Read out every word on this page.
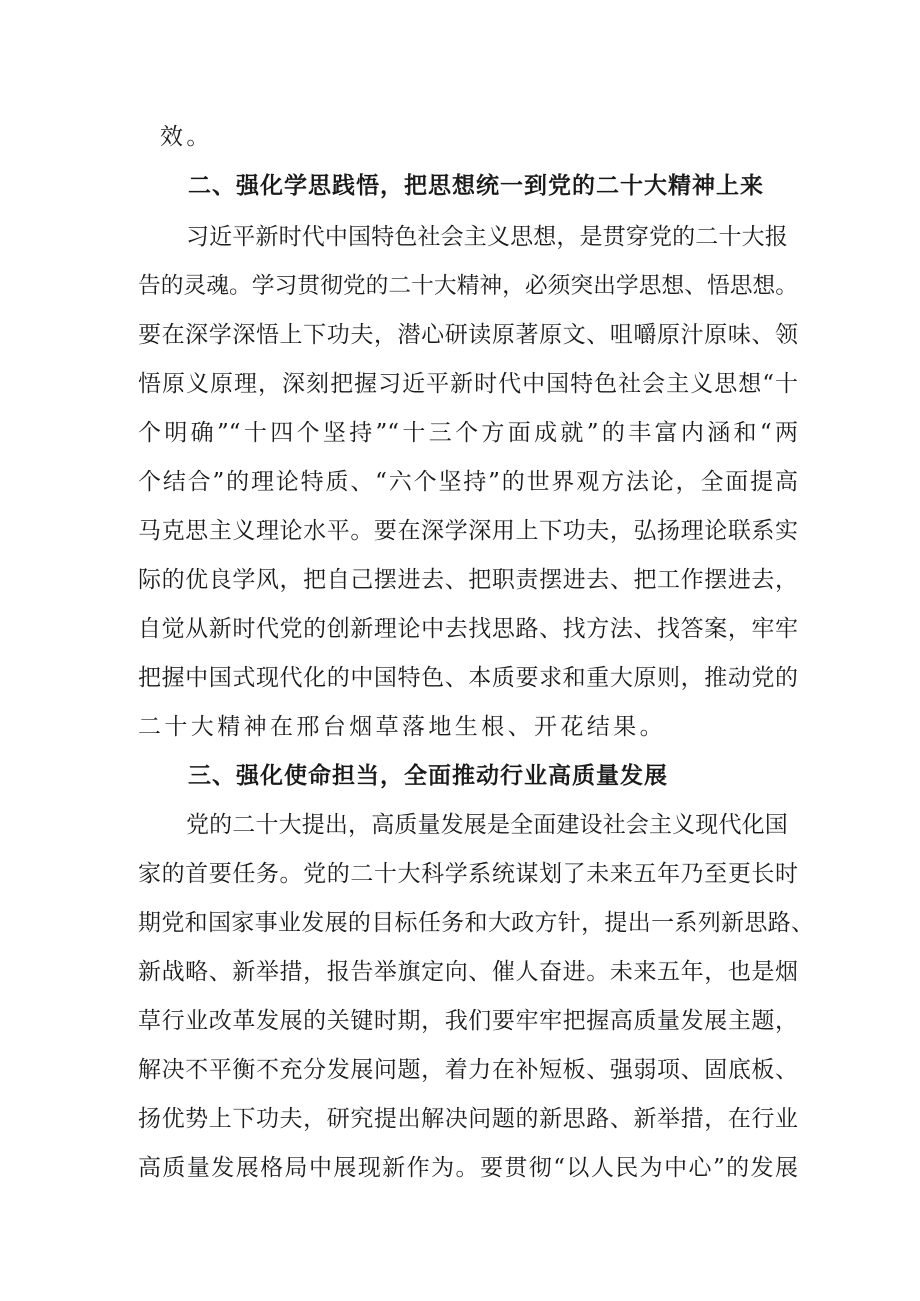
效。
二、强化学思践悟，把思想统一到党的二十大精神上来
习近平新时代中国特色社会主义思想，是贯穿党的二十大报
告的灵魂。学习贯彻党的二十大精神，必须突出学思想、悟思想。
要在深学深悟上下功夫，潜心研读原著原文、咀嚼原汁原味、领
悟原义原理，深刻把握习近平新时代中国特色社会主义思想“十
个明确”“十四个坚持”“十三个方面成就”的丰富内涵和“两
个结合”的理论特质、“六个坚持”的世界观方法论，全面提高
马克思主义理论水平。要在深学深用上下功夫，弘扬理论联系实
际的优良学风，把自己摆进去、把职责摆进去、把工作摆进去，
自觉从新时代党的创新理论中去找思路、找方法、找答案，牢牢
把握中国式现代化的中国特色、本质要求和重大原则，推动党的
二十大精神在邢台烟草落地生根、开花结果。
三、强化使命担当，全面推动行业高质量发展
党的二十大提出，高质量发展是全面建设社会主义现代化国
家的首要任务。党的二十大科学系统谋划了未来五年乃至更长时
期党和国家事业发展的目标任务和大政方针，提出一系列新思路、
新战略、新举措，报告举旗定向、催人奋进。未来五年，也是烟
草行业改革发展的关键时期，我们要牢牢把握高质量发展主题，
解决不平衡不充分发展问题，着力在补短板、强弱项、固底板、
扬优势上下功夫，研究提出解决问题的新思路、新举措，在行业
高质量发展格局中展现新作为。要贯彻“以人民为中心”的发展
